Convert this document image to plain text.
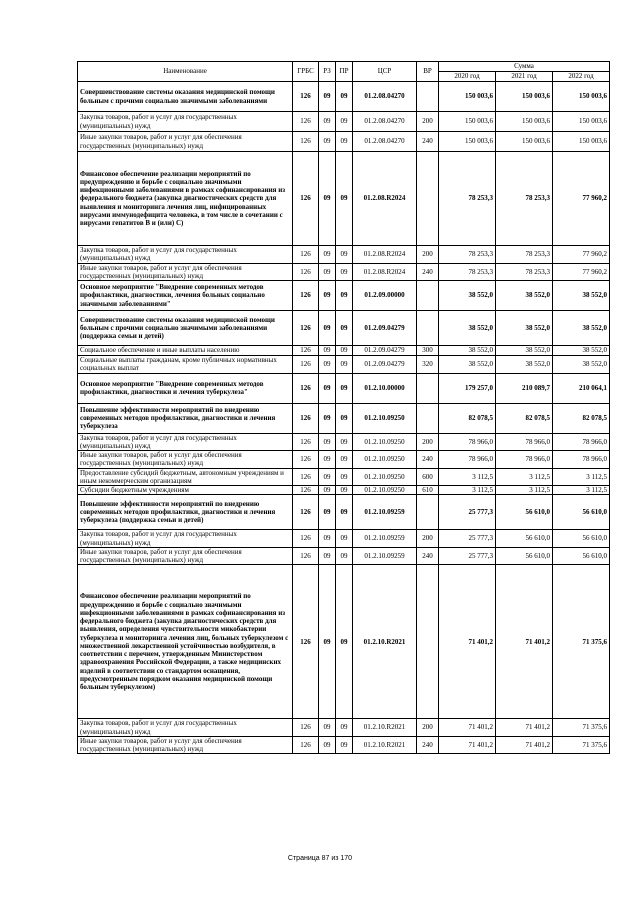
Наименование	ГРБС	РЗ	ПР	ЦСР	ВР	Сумма		
						2020 год	2021 год	2022 год
Совершенствование системы оказания медицинской помощи больным с прочими социально значимыми заболеваниями	126	09	09	01.2.08.04270		150 003,6	150 003,6	150 003,6
Закупка товаров, работ и услуг для государственных (муниципальных) нужд	126	09	09	01.2.08.04270	200	150 003,6	150 003,6	150 003,6
Иные закупки товаров, работ и услуг для обеспечения государственных (муниципальных) нужд	126	09	09	01.2.08.04270	240	150 003,6	150 003,6	150 003,6
Финансовое обеспечение реализации мероприятий по предупреждению и борьбе с социально значимыми инфекционными заболеваниями в рамках софинансирования из федерального бюджета (закупка диагностических средств для выявления и мониторинга лечения лиц, инфицированных вирусами иммунодефицита человека, в том числе в сочетании с вирусами гепатитов B и (или) C)	126	09	09	01.2.08.R2024		78 253,3	78 253,3	77 960,2
Закупка товаров, работ и услуг для государственных (муниципальных) нужд	126	09	09	01.2.08.R2024	200	78 253,3	78 253,3	77 960,2
Иные закупки товаров, работ и услуг для обеспечения государственных (муниципальных) нужд	126	09	09	01.2.08.R2024	240	78 253,3	78 253,3	77 960,2
Основное мероприятие "Внедрение современных методов профилактики, диагностики, лечения больных социально значимыми заболеваниями"	126	09	09	01.2.09.00000		38 552,0	38 552,0	38 552,0
Совершенствование системы оказания медицинской помощи больным с прочими социально значимыми заболеваниями (поддержка семьи и детей)	126	09	09	01.2.09.04279		38 552,0	38 552,0	38 552,0
Социальное обеспечение и иные выплаты населению	126	09	09	01.2.09.04279	300	38 552,0	38 552,0	38 552,0
Социальные выплаты гражданам, кроме публичных нормативных социальных выплат	126	09	09	01.2.09.04279	320	38 552,0	38 552,0	38 552,0
Основное мероприятие "Внедрение современных методов профилактики, диагностики и лечения туберкулеза"	126	09	09	01.2.10.00000		179 257,0	210 089,7	210 064,1
Повышение эффективности мероприятий по внедрению современных методов профилактики, диагностики и лечения туберкулеза	126	09	09	01.2.10.09250		82 078,5	82 078,5	82 078,5
Закупка товаров, работ и услуг для государственных (муниципальных) нужд	126	09	09	01.2.10.09250	200	78 966,0	78 966,0	78 966,0
Иные закупки товаров, работ и услуг для обеспечения государственных (муниципальных) нужд	126	09	09	01.2.10.09250	240	78 966,0	78 966,0	78 966,0
Предоставление субсидий бюджетным, автономным учреждениям и иным некоммерческим организациям	126	09	09	01.2.10.09250	600	3 112,5	3 112,5	3 112,5
Субсидии бюджетным учреждениям	126	09	09	01.2.10.09250	610	3 112,5	3 112,5	3 112,5
Повышение эффективности мероприятий по внедрению современных методов профилактики, диагностики и лечения туберкулеза (поддержка семьи и детей)	126	09	09	01.2.10.09259		25 777,3	56 610,0	56 610,0
Закупка товаров, работ и услуг для государственных (муниципальных) нужд	126	09	09	01.2.10.09259	200	25 777,3	56 610,0	56 610,0
Иные закупки товаров, работ и услуг для обеспечения государственных (муниципальных) нужд	126	09	09	01.2.10.09259	240	25 777,3	56 610,0	56 610,0
Финансовое обеспечение реализации мероприятий по предупреждению и борьбе с социально значимыми инфекционными заболеваниями в рамках софинансирования из федерального бюджета (закупка диагностических средств для выявления, определения чувствительности микобактерии туберкулеза и мониторинга лечения лиц, больных туберкулезом с множественной лекарственной устойчивостью возбудителя, в соответствии с перечнем, утвержденным Министерством здравоохранения Российской Федерации, а также медицинских изделий в соответствии со стандартом оснащения, предусмотренным порядком оказания медицинской помощи больным туберкулезом)	126	09	09	01.2.10.R2021		71 401,2	71 401,2	71 375,6
Закупка товаров, работ и услуг для государственных (муниципальных) нужд	126	09	09	01.2.10.R2021	200	71 401,2	71 401,2	71 375,6
Иные закупки товаров, работ и услуг для обеспечения государственных (муниципальных) нужд	126	09	09	01.2.10.R2021	240	71 401,2	71 401,2	71 375,6
Страница 87 из 170
